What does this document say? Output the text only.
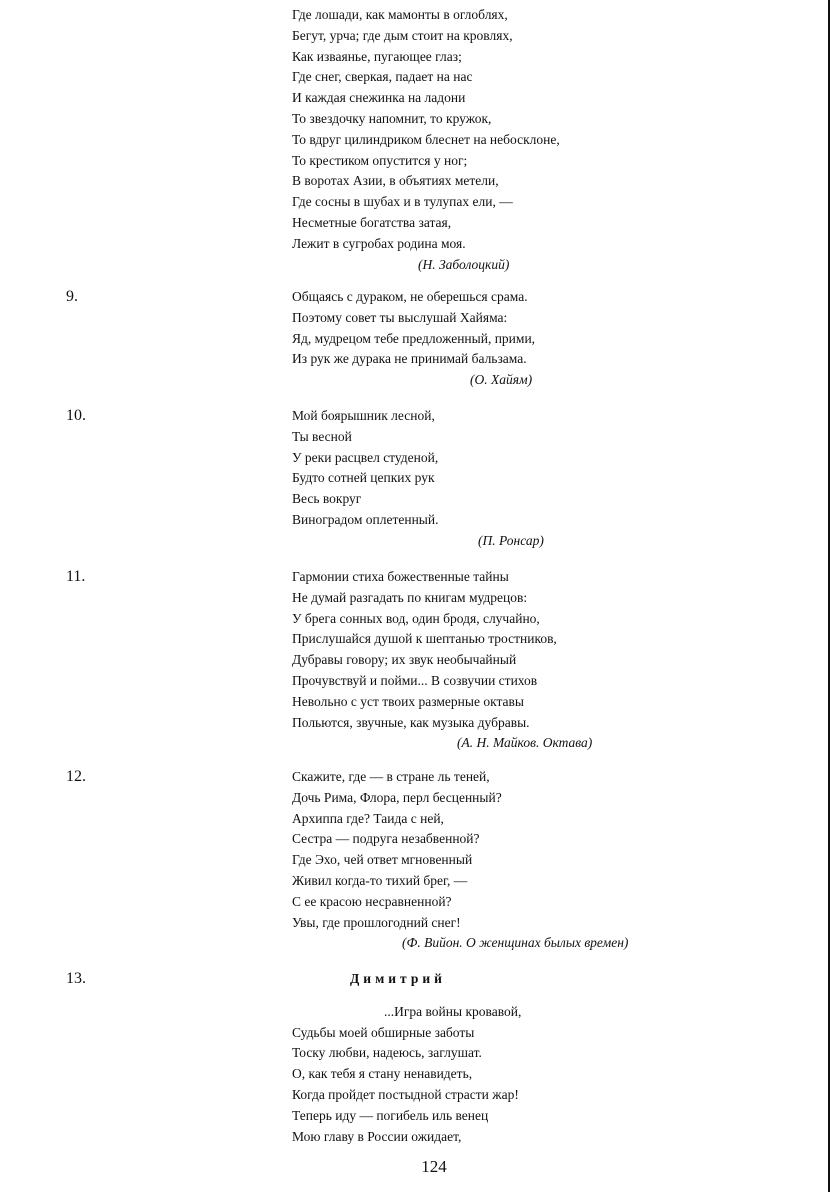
Где лошади, как мамонты в оглоблях,
Бегут, урча; где дым стоит на кровлях,
Как изваянье, пугающее глаз;
Где снег, сверкая, падает на нас
И каждая снежинка на ладони
То звездочку напомнит, то кружок,
То вдруг цилиндриком блеснет на небосклоне,
То крестиком опустится у ног;
В воротах Азии, в объятиях метели,
Где сосны в шубах и в тулупах ели, —
Несметные богатства затая,
Лежит в сугробах родина моя.
(Н. Заболоцкий)
9.	Общаясь с дураком, не оберешься срама.
Поэтому совет ты выслушай Хайяма:
Яд, мудрецом тебе предложенный, прими,
Из рук же дурака не принимай бальзама.
(О. Хайям)
10.	Мой боярышник лесной,
Ты весной
У реки расцвел студеной,
Будто сотней цепких рук
Весь вокруг
Виноградом оплетенный.
(П. Ронсар)
11.	Гармонии стиха божественные тайны
Не думай разгадать по книгам мудрецов:
У брега сонных вод, один бродя, случайно,
Прислушайся душой к шептанью тростников,
Дубравы говору; их звук необычайный
Прочувствуй и пойми... В созвучии стихов
Невольно с уст твоих размерные октавы
Польются, звучные, как музыка дубравы.
(А. Н. Майков. Октава)
12.	Скажите, где — в стране ль теней,
Дочь Рима, Флора, перл бесценный?
Архиппа где? Таида с ней,
Сестра — подруга незабвенной?
Где Эхо, чей ответ мгновенный
Живил когда-то тихий брег, —
С ее красою несравненной?
Увы, где прошлогодний снег!
(Ф. Вийон. О женщинах былых времен)
13.	Димитрий
...Игра войны кровавой,
Судьбы моей обширные заботы
Тоску любви, надеюсь, заглушат.
О, как тебя я стану ненавидеть,
Когда пройдет постыдной страсти жар!
Теперь иду — погибель иль венец
Мою главу в России ожидает,
124
